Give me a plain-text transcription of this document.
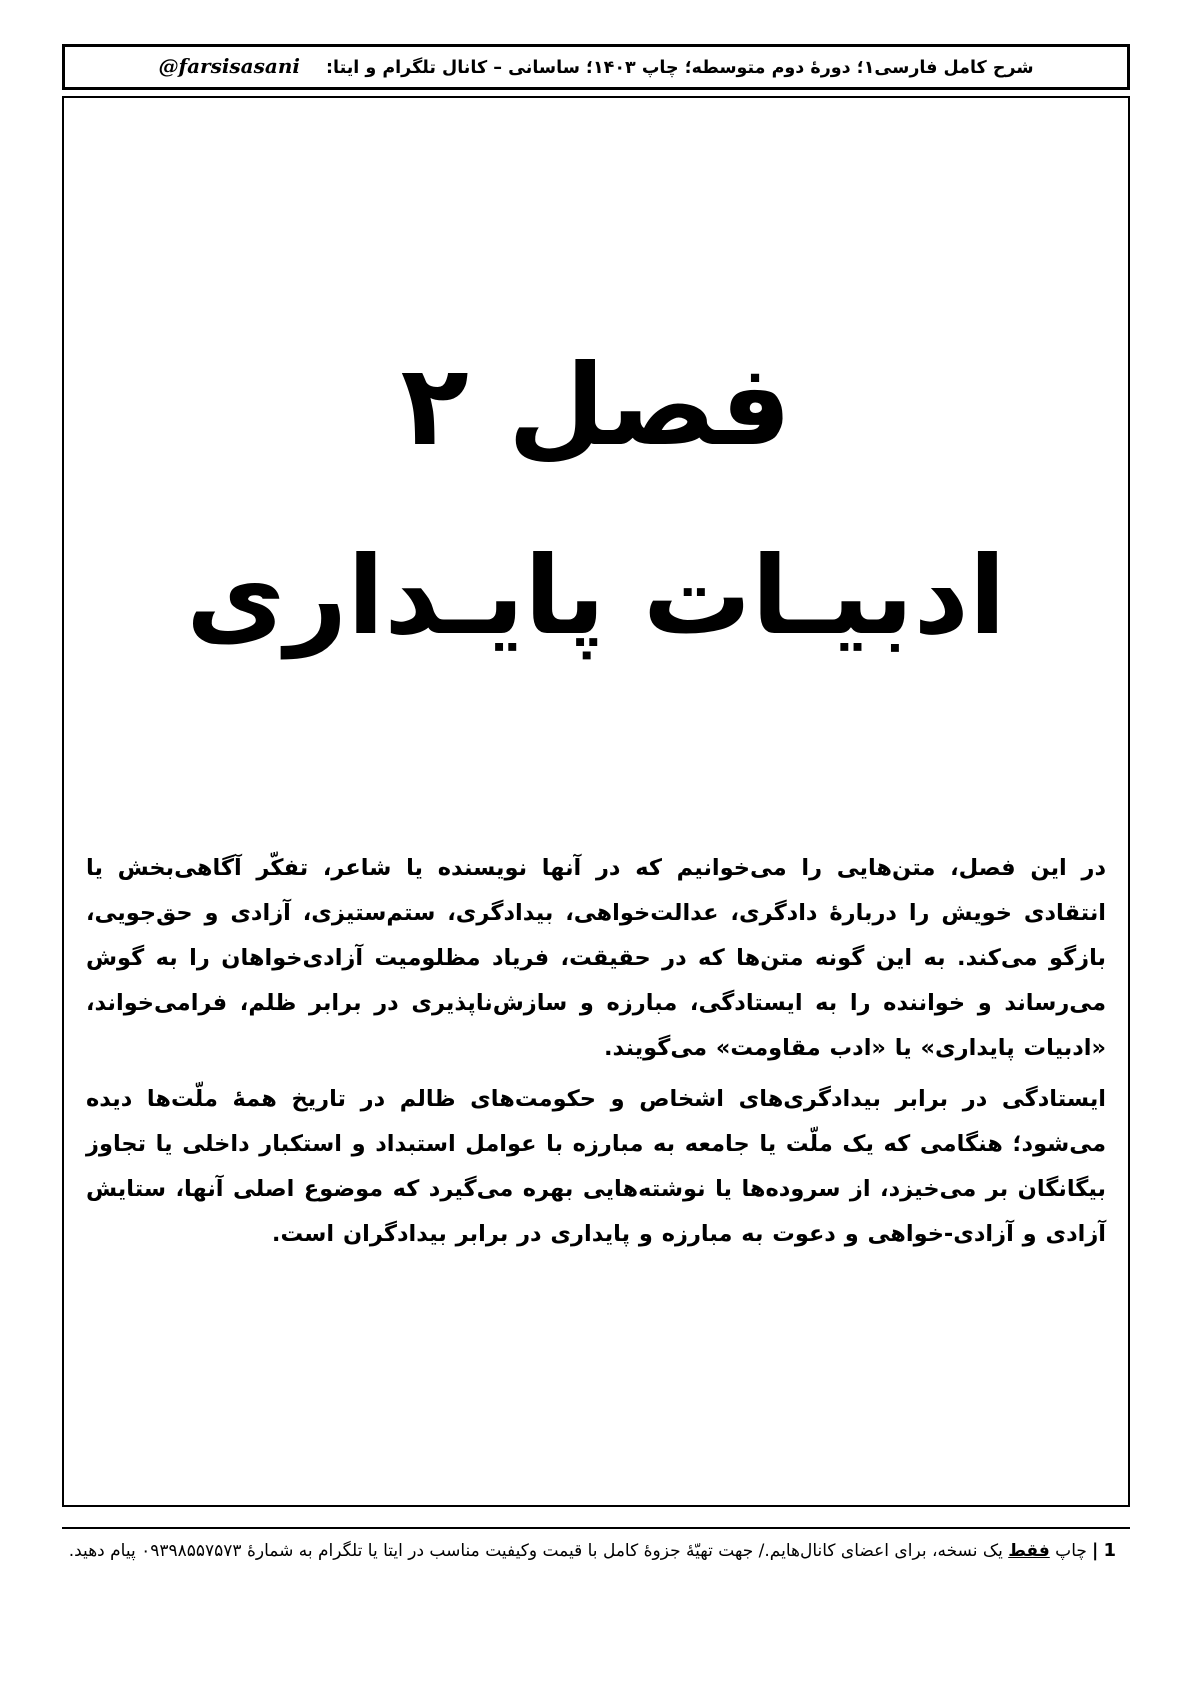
شرح کامل فارسی۱؛ دورۀ دوم متوسطه؛ چاپ ۱۴۰۳؛ ساسانی – کانال تلگرام و ایتا:
@farsisasani
فصل ۲
ادبیـات پایـداری

در این فصل، متن‌هایی را می‌خوانیم که در آنها نویسنده یا شاعر، تفکّر آگاهی‌بخش یا انتقادی خویش را دربارۀ دادگری، عدالت‌خواهی، بیدادگری، ستم‌ستیزی، آزادی و حق‌جویی، بازگو می‌کند. به این گونه متن‌ها که در حقیقت، فریاد مظلومیت آزادی‌خواهان را به گوش می‌رساند و خواننده را به ایستادگی، مبارزه و سازش‌ناپذیری در برابر ظلم، فرامی‌خواند، «ادبیات پایداری» یا «ادب مقاومت» می‌گویند.

ایستادگی در برابر بیدادگری‌های اشخاص و حکومت‌های ظالم در تاریخ همۀ ملّت‌ها دیده می‌شود؛ هنگامی که یک ملّت یا جامعه به مبارزه با عوامل استبداد و استکبار داخلی یا تجاوز بیگانگان بر می‌خیزد، از سروده‌ها یا نوشته‌هایی بهره می‌گیرد که موضوع اصلی آنها، ستایش آزادی و آزادی-خواهی و دعوت به مبارزه و پایداری در برابر بیدادگران است.

1
|
چاپ فقط یک نسخه، برای اعضای کانال‌هایم./ جهت تهیّهٔ جزوهٔ کامل با قیمت وکیفیت مناسب در ایتا یا تلگرام به شمارهٔ ۰۹۳۹۸۵۵۷۵۷۳ پیام دهید.
